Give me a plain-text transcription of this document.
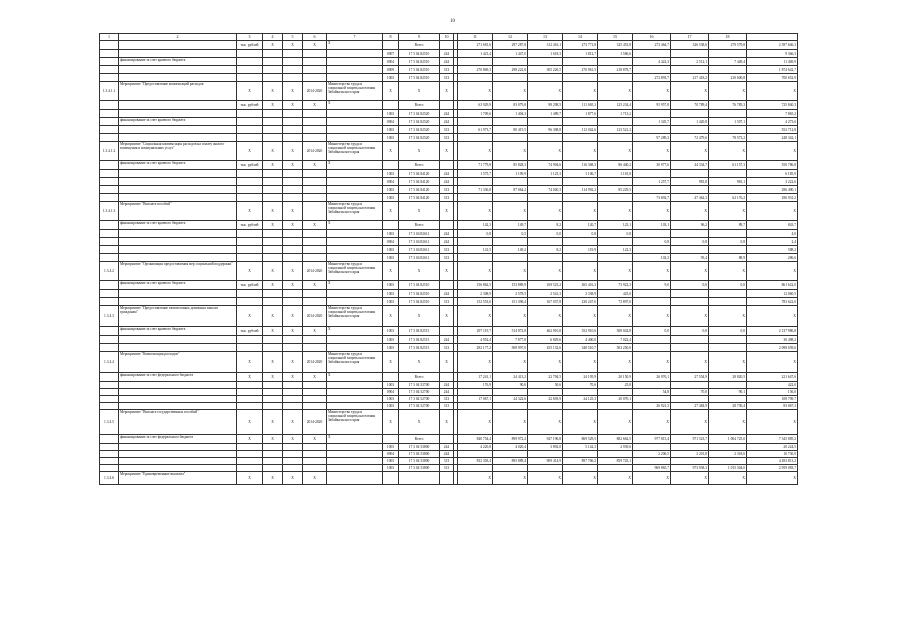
10
1	2	3	4	5	6	7	8	9	10		11	12	13	14	15	16	17	18	
		тыс. рублей	X	X	X	X		Всего			271 681,6	297 287,8	312 416,1	273 771,8	325 453,8	273 464,7	326 538,6	279 579,8	2 397 646,3
							0907	17 3 04 82510	244		1 421,4	1 447,0	1 618,3	1 812,7	1 586,6				9 366,3
	финансирование за счет краевого бюджета						0904	17 3 04 82510	244							4 422,3	2 512,1	7 449,4	11 469,9
							0909	17 3 04 82510	313		270 869,3	298 222,8	305 226,5	270 961,5	218 878,7				1 874 642,7
							1003	17 3 04 82510	313							272 893,7	217 418,2	210 600,8	700 652,9
1.3.4.1.1	Мероприятие "Предоставление компенсаций расходов	X	X	X	2014-2020	Министерство труда и социальной защиты населения Забайкальского края	X	X	X		X	X	X	X	X	X	X	X	X
		тыс. рублей	X	X	X	X		Всего			63 929,9	83 079,8	98 298,5	111 065,3	125 234,4	95 957,8	70 789,4	76 785,3	725 840,3
							1003	17 3 04 82520	244		1 709,6	1 404,3	1 489,7	1 877,6	1 713,2				7 865,2
	финансирование за счет краевого бюджета						0904	17 3 04 82520	244							1 345,7	1 420,8	1 507,1	4 273,6
							1003	17 3 04 82520	313		61 973,7	80 415,5	96 308,8	112 042,6	123 521,2				552 712,8
							1003	17 3 04 82520	313							97 289,3	72 479,6	78 573,2	248 342,1
1.3.4.1.2	Мероприятие "Социальная компенсация расходов на оплату жилого помещения и коммунальных услуг"	X	X	X	2014-2020	Министерство труда и социальной защиты населения Забайкальского края	X	X	X		X	X	X	X	X	X	X	X	X
	финансирование за счет краевого бюджета	тыс. рублей	X	X	X	X		Всего			71 779,8	85 828,3	74 904,6	116 368,3	86 440,2	30 977,6	44 334,7	61 157,3	550 786,8
							1003	17 3 04 84120	244		1 575,7	1 199,9	1 125,3	1 106,7	1 181,8				6 185,9
							0904	17 3 04 84120	244							1 257,7	981,8	981,1	3 222,6
							1003	17 3 04 84120	313		71 336,8	87 064,2	74 020,3	114 992,2	85 229,5				296 490,1
							1003	17 3 04 84120	313							73 692,7	47 462,3	62 176,2	186 931,2
1.3.4.1.3	Мероприятие "Выплата пособий"	X	X	X		Министерство труда и социальной защиты населения Забайкальского края	X	X	X		X	X	X	X	X	X	X	X	X
	финансирование за счет краевого бюджета	тыс. рублей	X	X	X	X		Всего			142,3	149,7	8,2	120,7	123,1	103,1	96,2	89,7	843,7
							1003	17 3 04 82611	244		0,8	0,5	0,0	0,8	0,8				4,0
							0904	17 3 04 82611	244							0,8	0,8	0,8	2,4
							1003	17 3 04 82611	313		141,5	149,2	8,2	119,9	122,3				588,2
							1003	17 3 04 82611	313							102,3	95,4	88,9	286,6
1.3.4.2	Мероприятие "Организация предоставления мер социальной поддержки"	X	X	X	2014-2020	Министерство труда и социальной защиты населения Забайкальского края	X	X	X		X	X	X	X	X	X	X	X	X
	финансирование за счет краевого бюджета	тыс. рублей	X	X	X	X	1003	17 3 04 82510			156 862,5	153 889,9	169 523,2	265 416,3	73 922,3	9,0	0,0	0,0	861 622,0
							1003	17 3 04 82510	244		2 308,9	2 578,5	2 541,3	2 338,9	425,0				12 060,5
							1003	17 3 04 82510	313		152 553,6	151 396,4	167 037,8	230 247,6	73 897,0				783 622,0
1.3.4.3	Мероприятие "Предоставление ежемесячных денежных выплат гражданам"	X	X	X	2014-2020	Министерство труда и социальной защиты населения Забайкальского края	X	X	X		X	X	X	X	X	X	X	X	X
	финансирование за счет краевого бюджета	тыс. рублей	X	X	X	X	1003	17 3 04 82515			297 119,7	514 872,8	462 910,8	352 910,6	508 042,8	0,0	0,0	0,0	2 137 986,8
							1003	17 3 04 82515	244		4 952,4	7 877,8	6 829,6	4 400,0	7 022,4				30 498,2
							1003	17 3 04 82515	313		292 177,2	508 997,0	455 132,6	348 510,7	503 250,0				2 098 659,6
1.3.4.4	Мероприятие "Компенсация расходов"	X	X	X	2014-2020	Министерство труда и социальной защиты населения Забайкальского края	X	X	X		X	X	X	X	X	X	X	X	X
	финансирование за счет федерального бюджета	X	X	X	X	X		Всего			17 241,1	24 413,2	22 794,5	24 195,9	20 150,9	26 976,1	27 554,9	28 820,5	221 647,6
							1003	17 3 04 52700	244		176,9	90,6	50,6	70,6	25,8				422,0
							0904	17 3 04 52700	244							54,8	70,0	90,1	156,0
							1003	17 3 04 52700	313		17 067,1	24 322,6	22 693,9	24 125,3	20 070,1				108 709,7
							1003	17 3 04 52700	313							26 921,3	27 484,9	28 730,4	83 067,3
1.3.4.5	Мероприятие "Выплата государственных пособий"	X	X	X	2014-2020	Министерство труда и социальной защиты населения Забайкальского края	X	X	X		X	X	X	X	X	X	X	X	X
	финансирование за счет федерального бюджета	X	X	X	X	X		Всего			840 754,4	899 972,2	947 196,8	869 529,5	882 662,5	977 815,4	971 523,7	1 004 725,0	7 345 885,2
							1003	17 3 04 53800	244		4 220,8	4 020,4	3 892,0	5 142,3	2 939,6				20 224,5
							0904	17 3 04 53800	244							2 206,5	2 201,8	2 318,6	10 736,9
							1003	17 3 04 53800	313		832 303,4	895 889,4	909 414,9	897 766,2	859 743,1				4 493 813,2
							1003	17 3 04 53800	313							969 865,7	973 938,3	1 015 304,0	2 959 083,7
1.3.4.6	Мероприятие "Единовременные выплаты"	X	X	X	X						X	X	X	X	X	X	X	X	X
